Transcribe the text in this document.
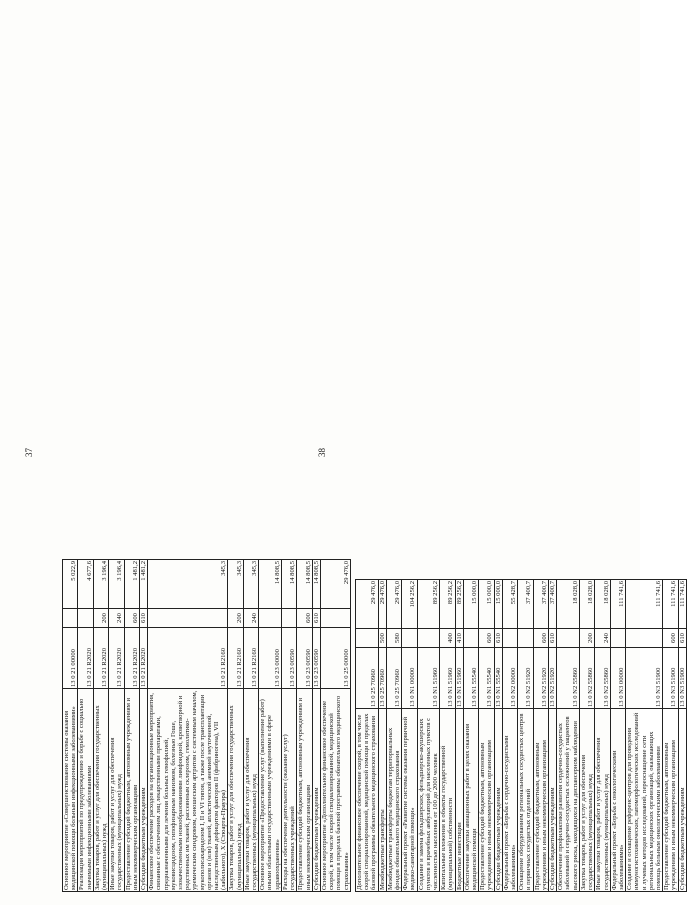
37
Основное мероприятие «Совершенствование системы оказания медицинской помощи больным инфекционными заболеваниями»	13 0 21 00000		5 022,9
Реализация мероприятий по предупреждению и борьбе с социально значимыми инфекционными заболеваниями	13 0 21 R2020		4 677,6
Закупка товаров, работ и услуг для обеспечения государственных (муниципальных) нужд	13 0 21 R2020	200	3 196,4
Иные закупки товаров, работ и услуг для обеспечения государственных (муниципальных) нужд	13 0 21 R2020	240	3 196,4
Предоставление субсидий бюджетным, автономным учреждениям и иным некоммерческим организациям	13 0 21 R2020	600	1 481,2
Субсидии бюджетным учреждениям	13 0 21 R2020	610	1 481,2
Финансовое обеспечение расходов на организационные мероприятия, связанные с обеспечением лиц лекарственными препаратами, предназначенными для лечения больных гемофилией, муковисцидозом, гипофизарным нанизмом, болезнью Гоше, злокачественными новообразованиями лимфоидной, кроветворной и родственных им тканей, рассеянным склерозом, гемолитико-уремическим синдромом, юношеским артритом с системным началом, мукополисахаридозом I, II и VI типов, а также после трансплантации органов и (или) тканей, апластической анемией неуточненной, наследственным дефицитом факторов II (фибриногена), VII (лабильного), X (Стюарта-Прауэра)	13 0 21 R2160		345,3
Закупка товаров, работ и услуг для обеспечения государственных (муниципальных) нужд	13 0 21 R2160	200	345,3
Иные закупки товаров, работ и услуг для обеспечения государственных (муниципальных) нужд	13 0 21 R2160	240	345,3
Основное мероприятие «Предоставление услуг (выполнение работ) иными областными государственными учреждениями в сфере здравоохранения»	13 0 23 00000		14 808,5
Расходы на обеспечение деятельности (оказание услуг) государственных учреждений	13 0 23 00590		14 808,5
Предоставление субсидий бюджетным, автономным учреждениям и иным некоммерческим организациям	13 0 23 00590	600	14 808,5
Субсидии бюджетным учреждениям	13 0 23 00590	610	14 808,5
Основное мероприятие «Дополнительное финансовое обеспечение скорой, в том числе скорой специализированной, медицинской помощи в пределах базовой программы обязательного медицинского страхования»	13 0 25 00000		29 476,0
38
Дополнительное финансовое обеспечение скорой, в том числе скорой специализированной, медицинской помощи в пределах базовой программы обязательного медицинского страхования	13 0 25 70960		29 476,0
Межбюджетные трансферты	13 0 25 70960	500	29 476,0
Межбюджетные трансферты бюджетам территориальных фондов обязательного медицинского страхования	13 0 25 70960	580	29 476,0
Федеральный проект «Развитие системы оказания первичной медико-санитарной помощи»	13 0 N1 00000		104 256,2
Создание и замена фельдшерских, фельдшерско-акушерских пунктов и врачебных амбулаторий для населенных пунктов с численностью населения от 100 до 2000 человек	13 0 N1 51960		89 256,2
Капитальные вложения в объекты государственной (муниципальной) собственности	13 0 N1 51960	400	89 256,2
Бюджетные инвестиции	13 0 N1 51960	410	89 256,2
Обеспечение закупки авиационных работ в целях оказания медицинской помощи	13 0 N1 55540		15 000,0
Предоставление субсидий бюджетным, автономным учреждениям и иным некоммерческим организациям	13 0 N1 55540	600	15 000,0
Субсидии бюджетным учреждениям	13 0 N1 55540	610	15 000,0
Федеральный проект «Борьба с сердечно-сосудистыми заболеваниями»	13 0 N2 00000		55 428,7
Оснащение оборудованием региональных сосудистых центров и первичных сосудистых отделений	13 0 N2 51920		37 400,7
Предоставление субсидий бюджетным, автономным учреждениям и иным некоммерческим организациям	13 0 N2 51920	600	37 400,7
Субсидии бюджетным учреждениям	13 0 N2 51920	610	37 400,7
Обеспечение профилактики развития сердечно-сосудистых заболеваний и сердечно-сосудистых осложнений у пациентов высокого риска, находящихся на диспансерном наблюдении	13 0 N2 55860		18 028,0
Закупка товаров, работ и услуг для обеспечения государственных (муниципальных) нужд	13 0 N2 55860	200	18 028,0
Иные закупки товаров, работ и услуг для обеспечения государственных (муниципальных) нужд	13 0 N2 55860	240	18 028,0
Федеральный проект «Борьба с онкологическими заболеваниями»	13 0 N3 00000		111 741,6
Создание и оснащение референс-центров для проведения иммуногистохимических, патоморфологических исследований и лучевых методов исследований, переоснащение сети региональных медицинских организаций, оказывающих помощь больным онкологическими заболеваниями	13 0 N3 51900		111 741,6
Предоставление субсидий бюджетным, автономным учреждениям и иным некоммерческим организациям	13 0 N3 51900	600	111 741,6
Субсидии бюджетным учреждениям	13 0 N3 51900	610	111 741,6
